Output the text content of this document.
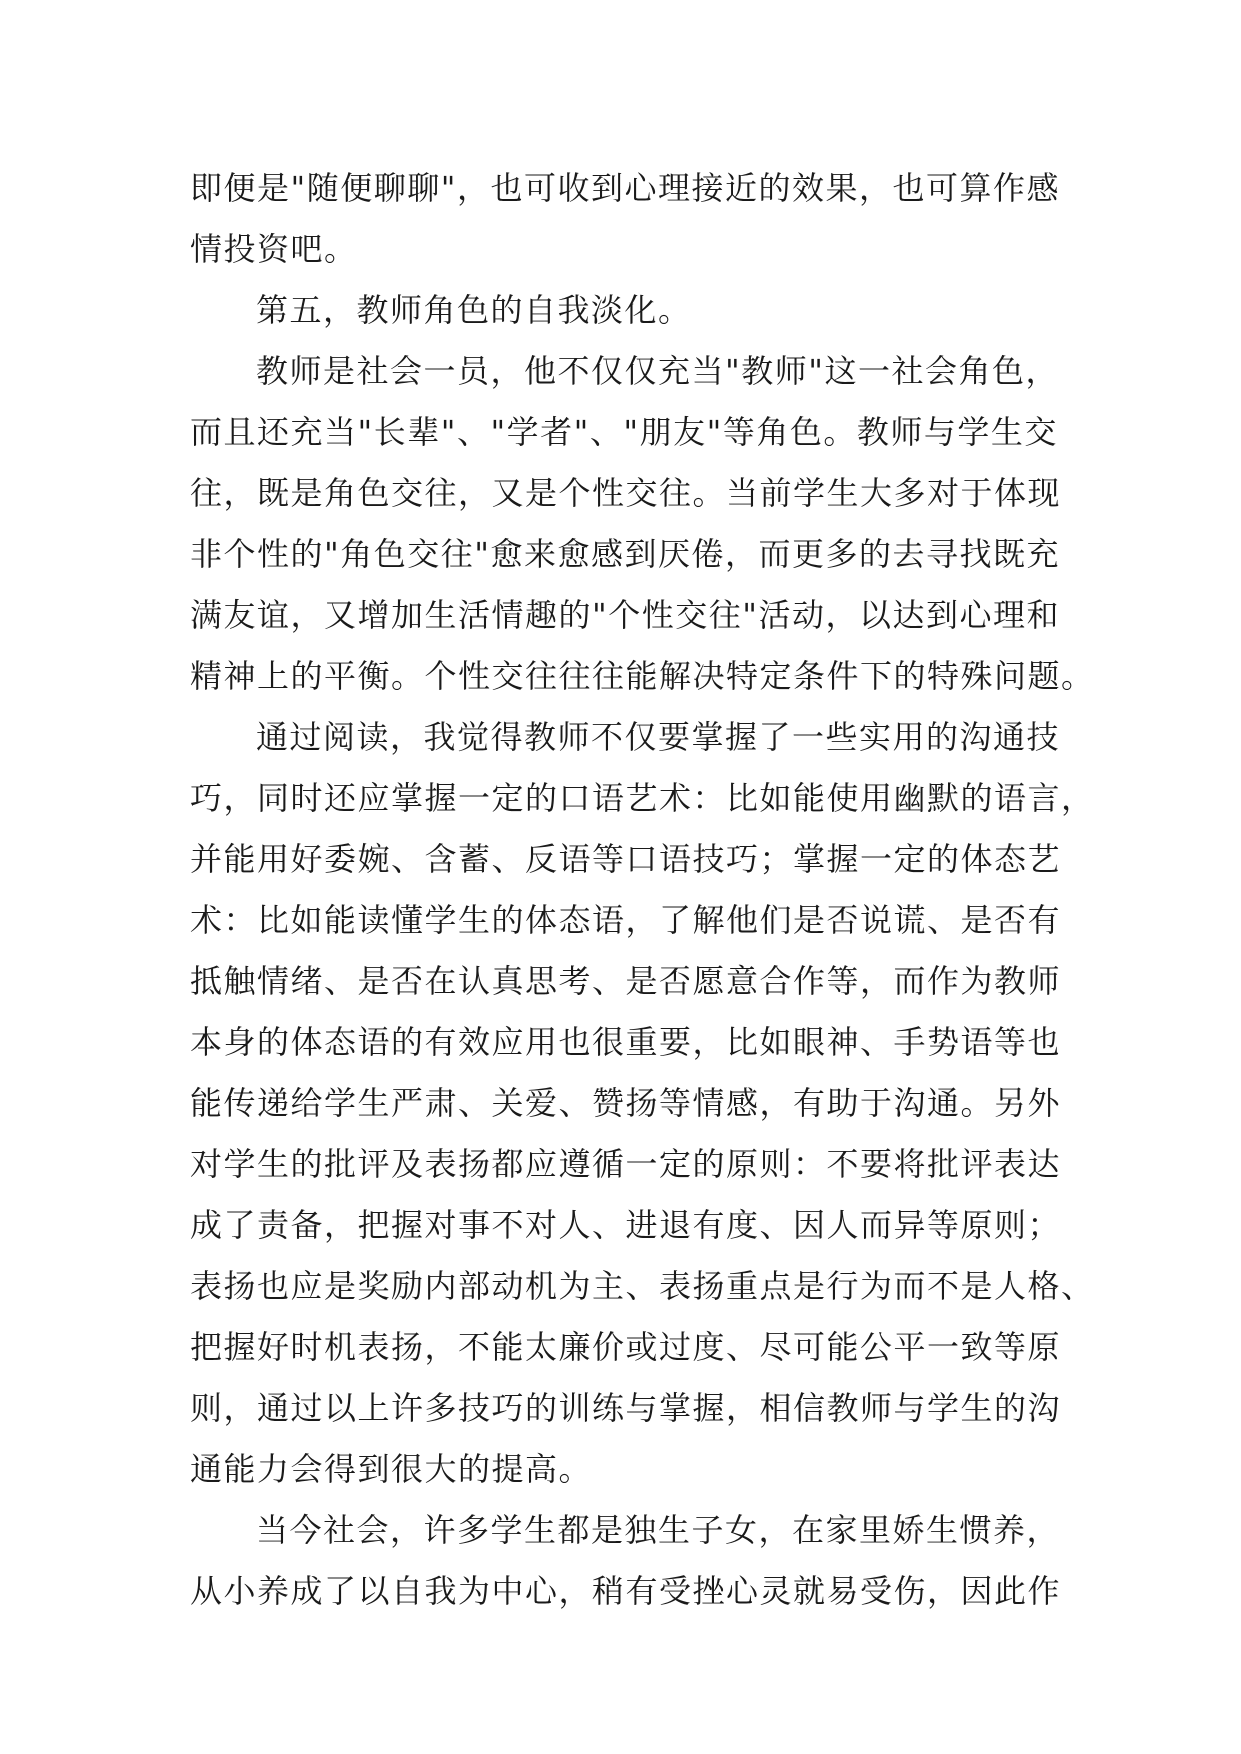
即便是"随便聊聊"，也可收到心理接近的效果，也可算作感
情投资吧。
第五，教师角色的自我淡化。
教师是社会一员，他不仅仅充当"教师"这一社会角色，
而且还充当"长辈"、"学者"、"朋友"等角色。教师与学生交
往，既是角色交往，又是个性交往。当前学生大多对于体现
非个性的"角色交往"愈来愈感到厌倦，而更多的去寻找既充
满友谊，又增加生活情趣的"个性交往"活动，以达到心理和
精神上的平衡。个性交往往往能解决特定条件下的特殊问题。
通过阅读，我觉得教师不仅要掌握了一些实用的沟通技
巧，同时还应掌握一定的口语艺术：比如能使用幽默的语言，
并能用好委婉、含蓄、反语等口语技巧；掌握一定的体态艺
术：比如能读懂学生的体态语，了解他们是否说谎、是否有
抵触情绪、是否在认真思考、是否愿意合作等，而作为教师
本身的体态语的有效应用也很重要，比如眼神、手势语等也
能传递给学生严肃、关爱、赞扬等情感，有助于沟通。另外
对学生的批评及表扬都应遵循一定的原则：不要将批评表达
成了责备，把握对事不对人、进退有度、因人而异等原则；
表扬也应是奖励内部动机为主、表扬重点是行为而不是人格、
把握好时机表扬，不能太廉价或过度、尽可能公平一致等原
则，通过以上许多技巧的训练与掌握，相信教师与学生的沟
通能力会得到很大的提高。
当今社会，许多学生都是独生子女，在家里娇生惯养，
从小养成了以自我为中心，稍有受挫心灵就易受伤，因此作
